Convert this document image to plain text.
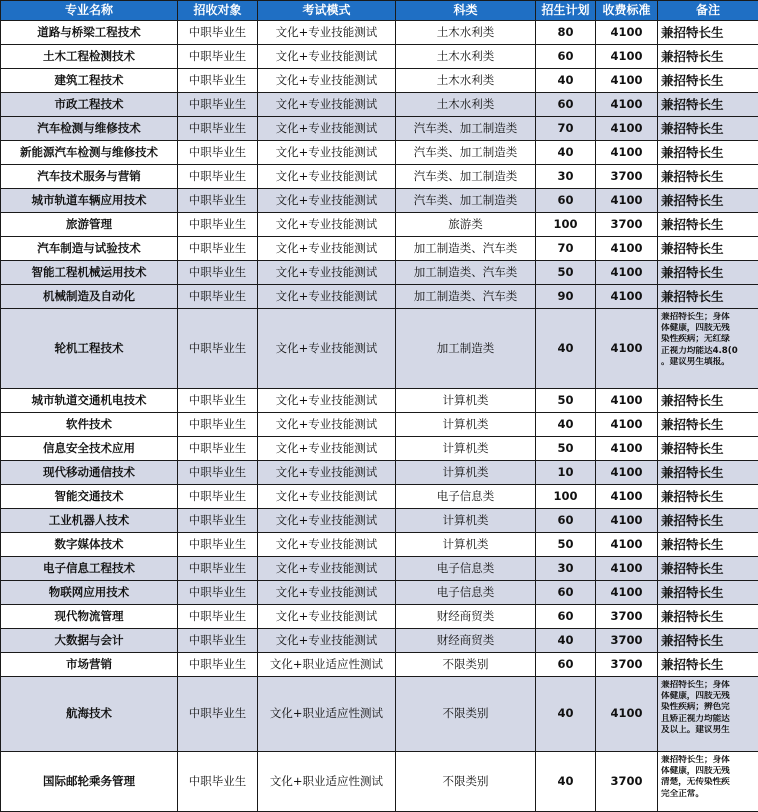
专业名称	招收对象	考试模式	科类	招生计划	收费标准	备注
道路与桥梁工程技术	中职毕业生	文化+专业技能测试	土木水利类	80	4100	兼招特长生

土木工程检测技术	中职毕业生	文化+专业技能测试	土木水利类	60	4100	兼招特长生

建筑工程技术	中职毕业生	文化+专业技能测试	土木水利类	40	4100	兼招特长生

市政工程技术	中职毕业生	文化+专业技能测试	土木水利类	60	4100	兼招特长生

汽车检测与维修技术	中职毕业生	文化+专业技能测试	汽车类、加工制造类	70	4100	兼招特长生

新能源汽车检测与维修技术	中职毕业生	文化+专业技能测试	汽车类、加工制造类	40	4100	兼招特长生

汽车技术服务与营销	中职毕业生	文化+专业技能测试	汽车类、加工制造类	30	3700	兼招特长生

城市轨道车辆应用技术	中职毕业生	文化+专业技能测试	汽车类、加工制造类	60	4100	兼招特长生

旅游管理	中职毕业生	文化+专业技能测试	旅游类	100	3700	兼招特长生

汽车制造与试验技术	中职毕业生	文化+专业技能测试	加工制造类、汽车类	70	4100	兼招特长生

智能工程机械运用技术	中职毕业生	文化+专业技能测试	加工制造类、汽车类	50	4100	兼招特长生

机械制造及自动化	中职毕业生	文化+专业技能测试	加工制造类、汽车类	90	4100	兼招特长生

轮机工程技术	中职毕业生	文化+专业技能测试	加工制造类	40	4100	兼招特长生；身体
体健康，四肢无残
染性疾病；无红绿
正视力均能达4.8(0
。建议男生填报。

城市轨道交通机电技术	中职毕业生	文化+专业技能测试	计算机类	50	4100	兼招特长生

软件技术	中职毕业生	文化+专业技能测试	计算机类	40	4100	兼招特长生

信息安全技术应用	中职毕业生	文化+专业技能测试	计算机类	50	4100	兼招特长生

现代移动通信技术	中职毕业生	文化+专业技能测试	计算机类	10	4100	兼招特长生

智能交通技术	中职毕业生	文化+专业技能测试	电子信息类	100	4100	兼招特长生

工业机器人技术	中职毕业生	文化+专业技能测试	计算机类	60	4100	兼招特长生

数字媒体技术	中职毕业生	文化+专业技能测试	计算机类	50	4100	兼招特长生

电子信息工程技术	中职毕业生	文化+专业技能测试	电子信息类	30	4100	兼招特长生

物联网应用技术	中职毕业生	文化+专业技能测试	电子信息类	60	4100	兼招特长生

现代物流管理	中职毕业生	文化+专业技能测试	财经商贸类	60	3700	兼招特长生

大数据与会计	中职毕业生	文化+专业技能测试	财经商贸类	40	3700	兼招特长生

市场营销	中职毕业生	文化+职业适应性测试	不限类别	60	3700	兼招特长生

航海技术	中职毕业生	文化+职业适应性测试	不限类别	40	4100	兼招特长生；身体
体健康，四肢无残
染性疾病；辨色完
且矫正视力均能达
及以上。建议男生

国际邮轮乘务管理	中职毕业生	文化+职业适应性测试	不限类别	40	3700	兼招特长生；身体
体健康，四肢无残
清楚，无传染性疾
完全正常。
